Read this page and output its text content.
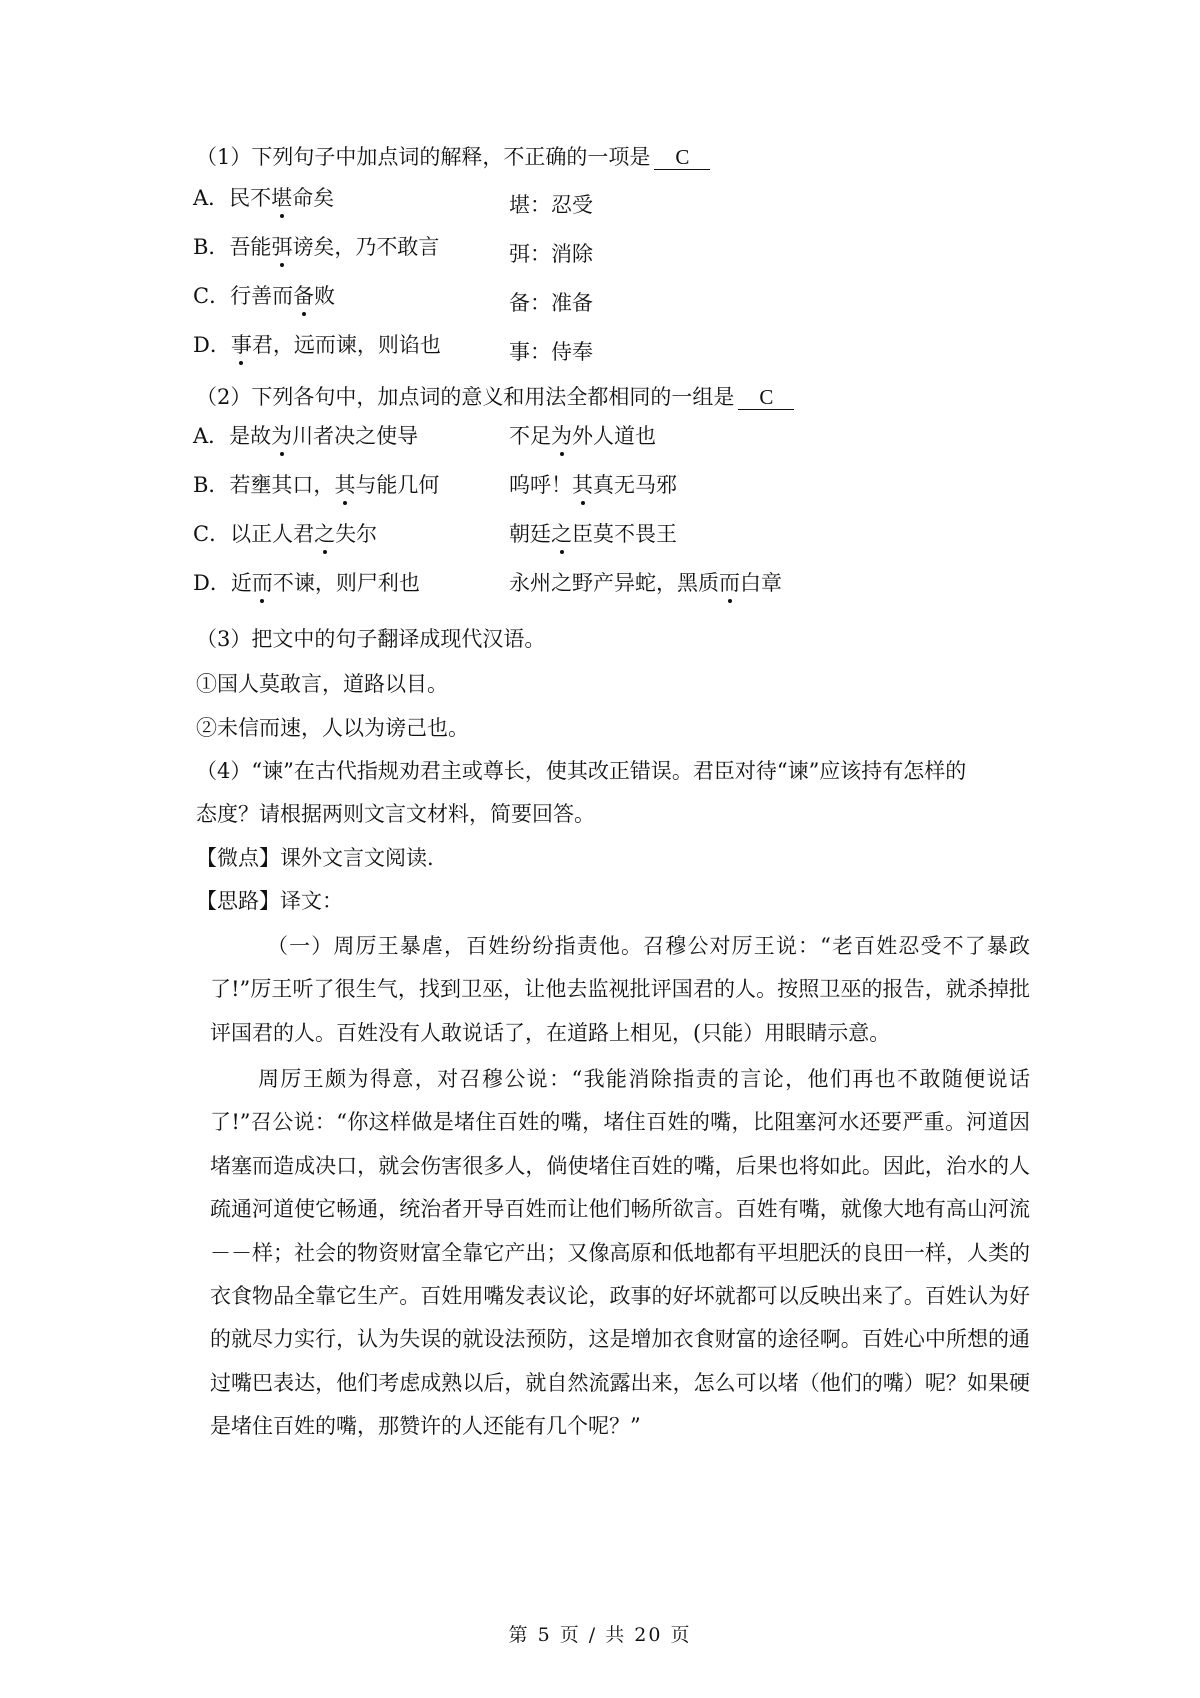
（1）下列句子中加点词的解释，不正确的一项是 C
A．民不堪命矣	堪：忍受
B．吾能弭谤矣，乃不敢言	弭：消除
C．行善而备败	备：准备
D．事君，远而谏，则谄也	事：侍奉
（2）下列各句中，加点词的意义和用法全都相同的一组是 C
A．是故为川者决之使导	不足为外人道也
B．若壅其口，其与能几何	呜呼！其真无马邪
C．以正人君之失尔	朝廷之臣莫不畏王
D．近而不谏，则尸利也	永州之野产异蛇，黑质而白章
（3）把文中的句子翻译成现代汉语。
①国人莫敢言，道路以目。
②未信而速，人以为谤己也。
（4）“谏”在古代指规劝君主或尊长，使其改正错误。君臣对待“谏”应该持有怎样的
态度？请根据两则文言文材料，简要回答。
【微点】课外文言文阅读.
【思路】译文：
（一）周厉王暴虐，百姓纷纷指责他。召穆公对厉王说：“老百姓忍受不了暴政了!”厉王听了很生气，找到卫巫，让他去监视批评国君的人。按照卫巫的报告，就杀掉批评国君的人。百姓没有人敢说话了，在道路上相见，(只能）用眼睛示意。
周厉王颇为得意，对召穆公说：“我能消除指责的言论，他们再也不敢随便说话了!”召公说：“你这样做是堵住百姓的嘴，堵住百姓的嘴，比阻塞河水还要严重。河道因堵塞而造成决口，就会伤害很多人，倘使堵住百姓的嘴，后果也将如此。因此，治水的人疏通河道使它畅通，统治者开导百姓而让他们畅所欲言。百姓有嘴，就像大地有高山河流－－样；社会的物资财富全靠它产出；又像高原和低地都有平坦肥沃的良田一样，人类的衣食物品全靠它生产。百姓用嘴发表议论，政事的好坏就都可以反映出来了。百姓认为好的就尽力实行，认为失误的就设法预防，这是增加衣食财富的途径啊。百姓心中所想的通过嘴巴表达，他们考虑成熟以后，就自然流露出来，怎么可以堵（他们的嘴）呢？如果硬是堵住百姓的嘴，那赞许的人还能有几个呢？”
第 5 页 / 共 20 页
